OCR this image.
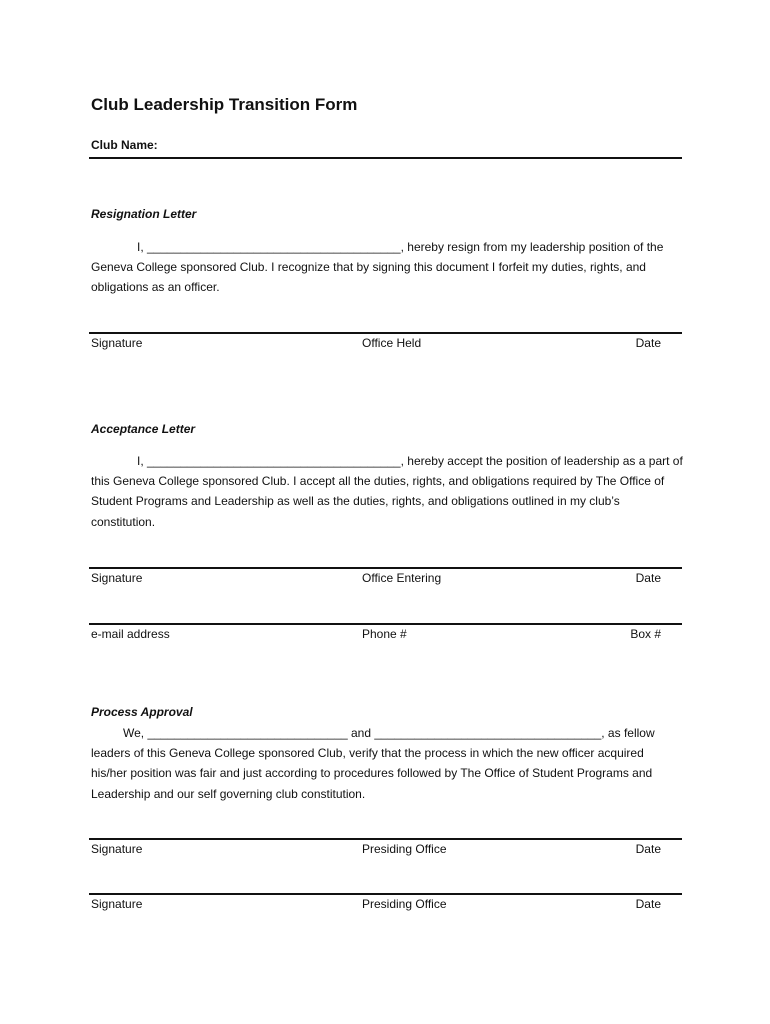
Club Leadership Transition Form
Club Name:
Resignation Letter
I, ______________________________________, hereby resign from my leadership position of the Geneva College sponsored Club. I recognize that by signing this document I forfeit my duties, rights, and obligations as an officer.
Signature	Office Held	Date
Acceptance Letter
I, ______________________________________, hereby accept the position of leadership as a part of this Geneva College sponsored Club. I accept all the duties, rights, and obligations required by The Office of Student Programs and Leadership as well as the duties, rights, and obligations outlined in my club’s constitution.
Signature	Office Entering	Date
e-mail address	Phone #	Box #
Process Approval
We, ______________________________ and __________________________________, as fellow leaders of this Geneva College sponsored Club, verify that the process in which the new officer acquired his/her position was fair and just according to procedures followed by The Office of Student Programs and Leadership and our self governing club constitution.
Signature	Presiding Office	Date
Signature	Presiding Office	Date
